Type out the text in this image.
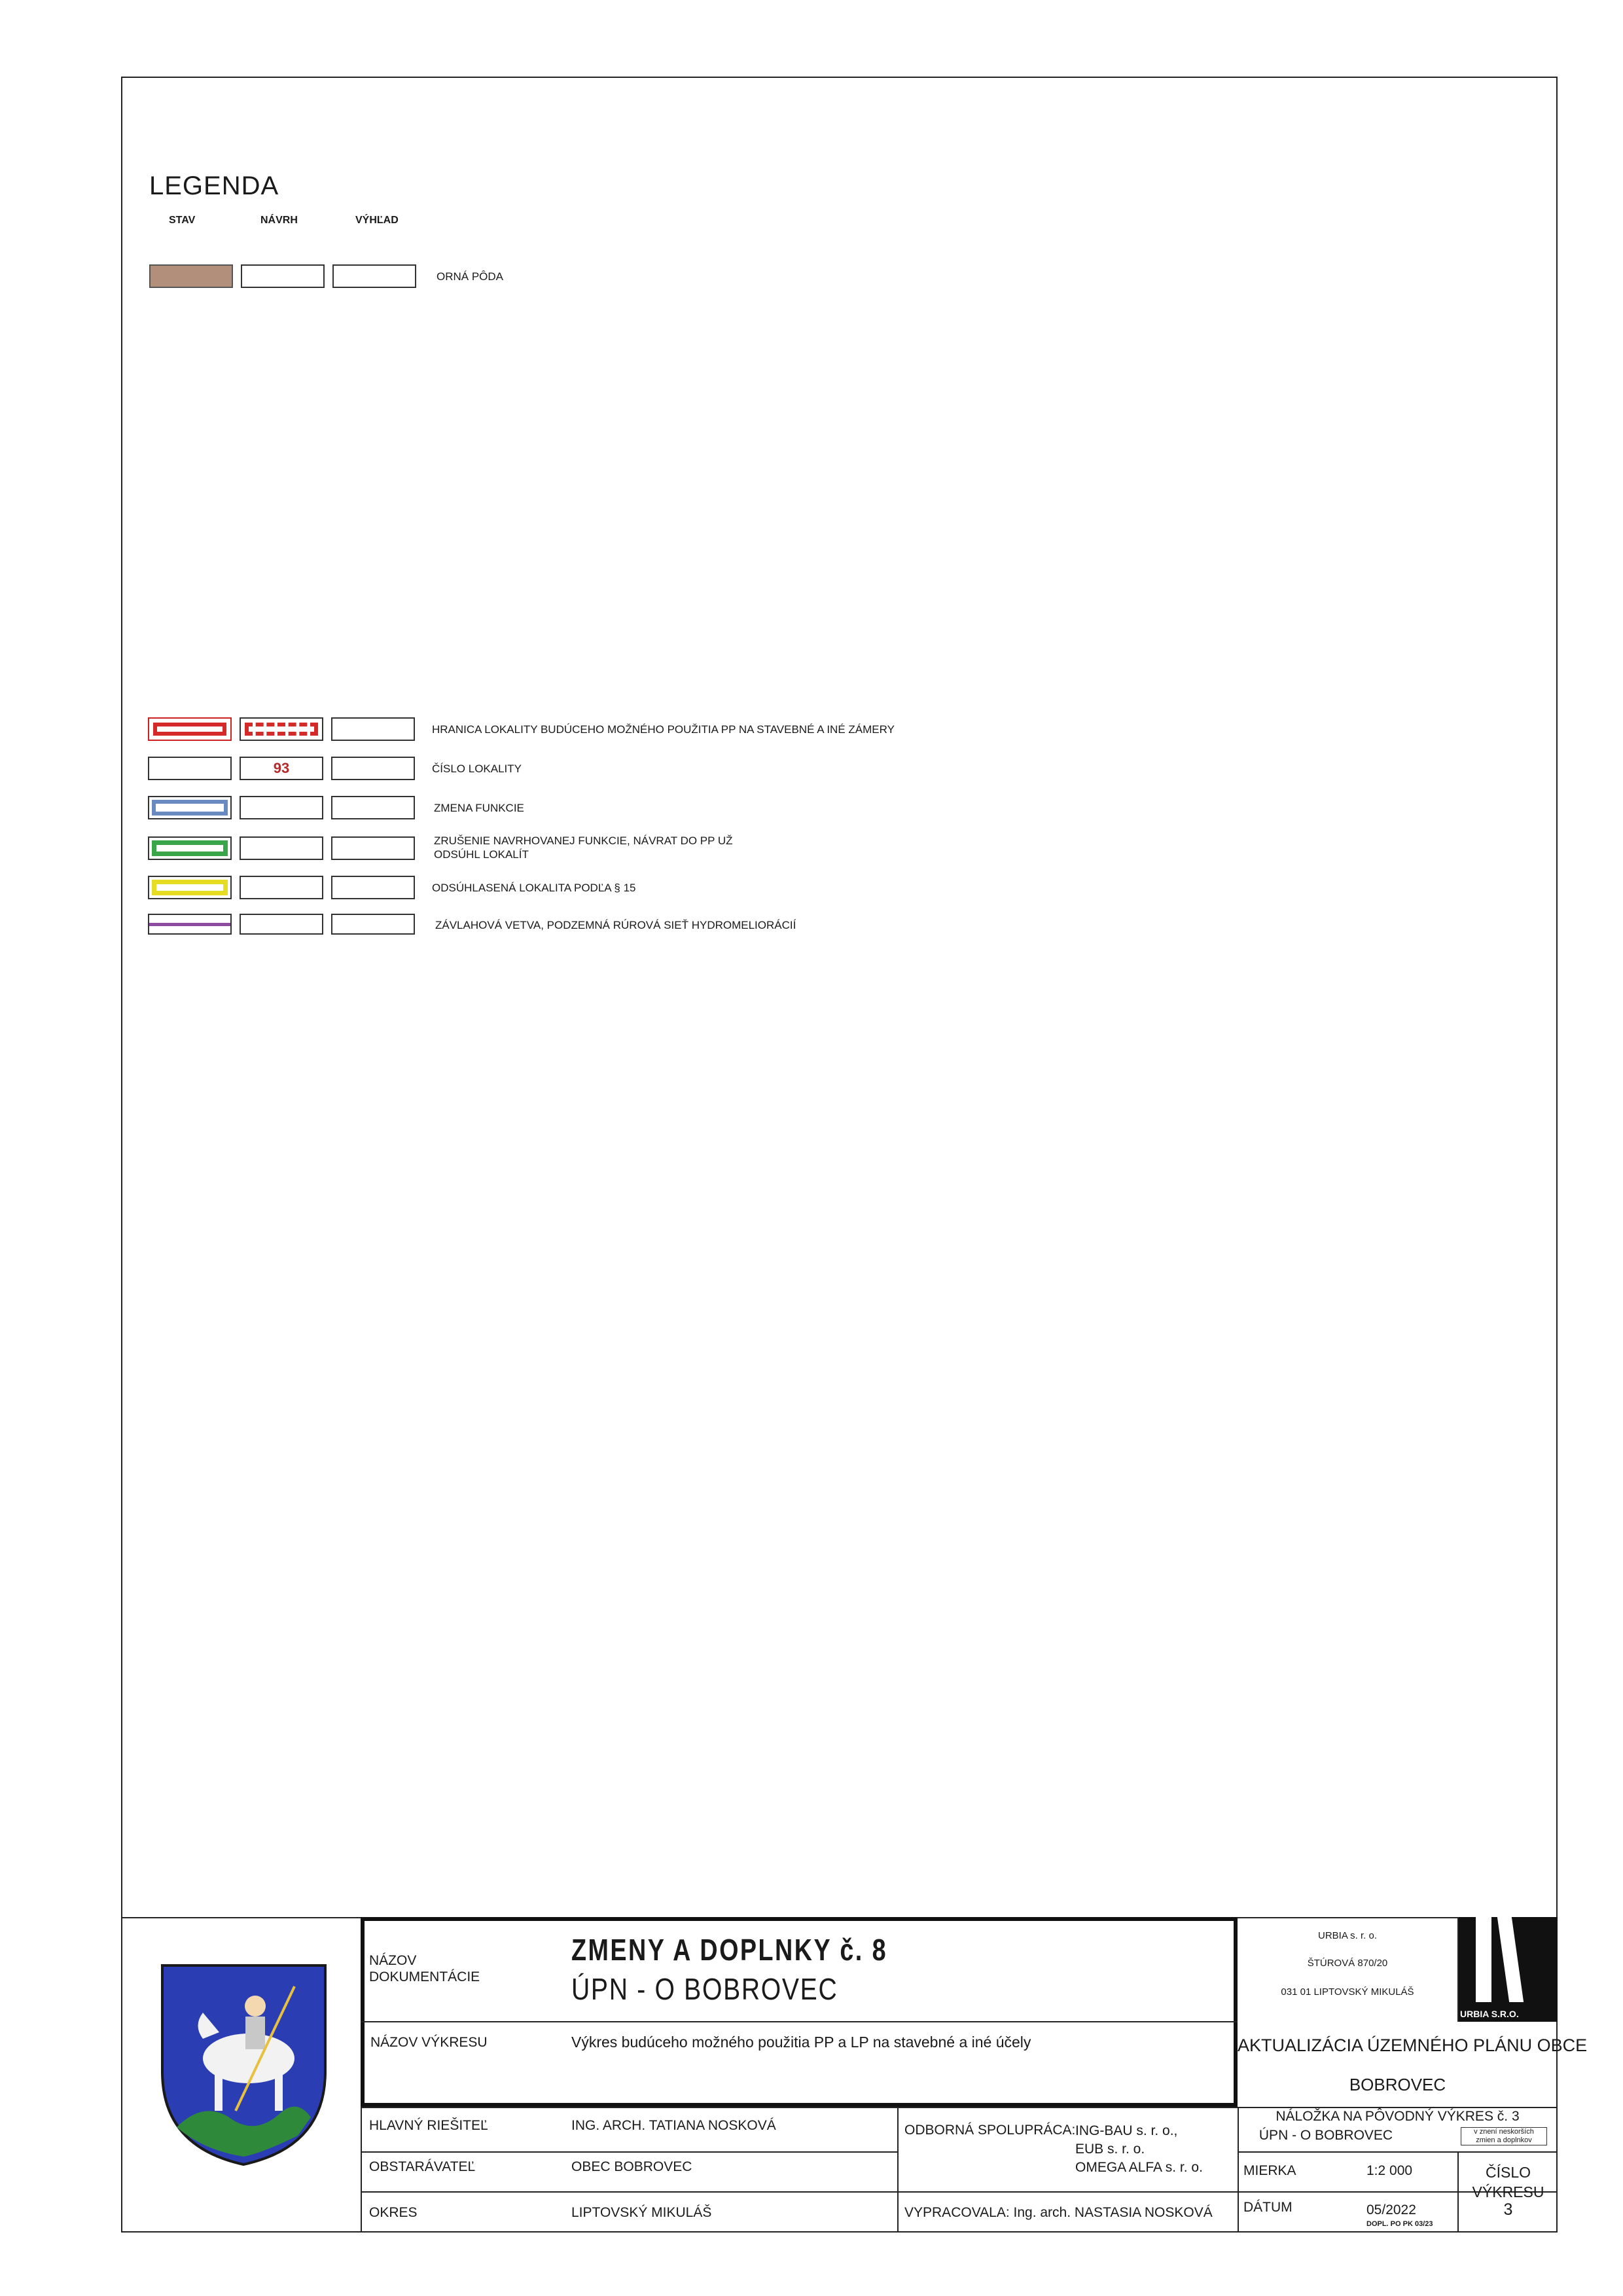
LEGENDA
STAV	NÁVRH	VÝHĽAD
ORNÁ PÔDA
HRANICA LOKALITY BUDÚCEHO MOŽNÉHO POUŽITIA PP NA STAVEBNÉ A INÉ ZÁMERY
93	ČÍSLO LOKALITY
ZMENA FUNKCIE
ZRUŠENIE NAVRHOVANEJ FUNKCIE, NÁVRAT DO PP UŽ
ODSÚHL LOKALÍT
ODSÚHLASENÁ LOKALITA PODĽA § 15
ZÁVLAHOVÁ VETVA, PODZEMNÁ RÚROVÁ SIEŤ HYDROMELIORÁCIÍ
NÁZOV
DOKUMENTÁCIE
ZMENY A DOPLNKY č. 8
ÚPN - O BOBROVEC
NÁZOV VÝKRESU	Výkres budúceho možného použitia PP a LP na stavebné a iné účely
URBIA s. r. o.
ŠTÚROVÁ 870/20
031 01 LIPTOVSKÝ MIKULÁŠ
URBIA S.R.O.
AKTUALIZÁCIA ÚZEMNÉHO PLÁNU OBCE
BOBROVEC
NÁLOŽKA NA PÔVODNÝ VÝKRES č. 3
ÚPN - O BOBROVEC	v znení neskorších
zmien a doplnkov
HLAVNÝ RIEŠITEĽ	ING. ARCH. TATIANA NOSKOVÁ
OBSTARÁVATEĽ	OBEC BOBROVEC
OKRES	LIPTOVSKÝ MIKULÁŠ
ODBORNÁ SPOLUPRÁCA: ING-BAU s. r. o.,
EUB s. r. o.
OMEGA ALFA s. r. o.
VYPRACOVALA: Ing. arch. NASTASIA NOSKOVÁ
MIERKA	1:2 000
DÁTUM	05/2022
DOPL. PO PK 03/23
ČÍSLO
VÝKRESU
3
